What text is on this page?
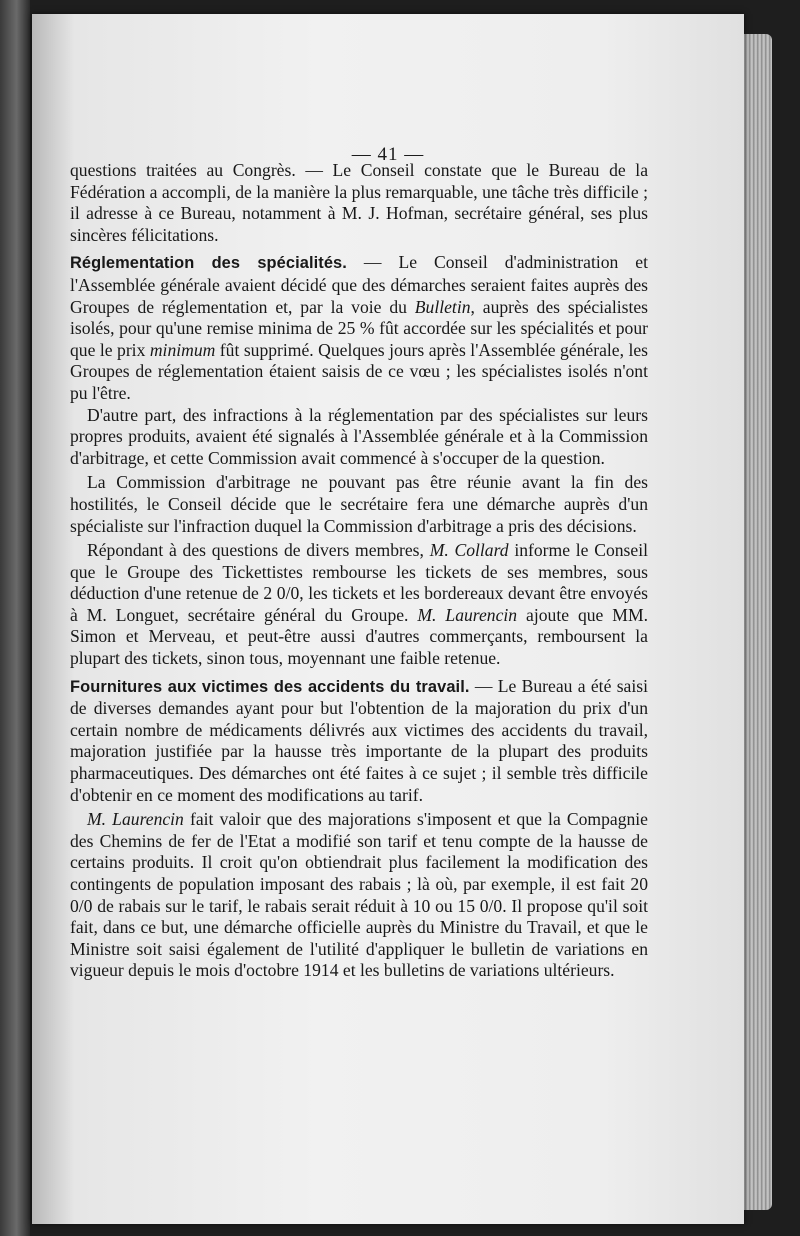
— 41 —

questions traitées au Congrès. — Le Conseil constate que le Bureau de la Fédération a accompli, de la manière la plus remarquable, une tâche très difficile ; il adresse à ce Bureau, notamment à M. J. Hofman, secrétaire général, ses plus sincères félicitations.

Réglementation des spécialités. — Le Conseil d'administration et l'Assemblée générale avaient décidé que des démarches seraient faites auprès des Groupes de réglementation et, par la voie du Bulletin, auprès des spécialistes isolés, pour qu'une remise minima de 25 % fût accordée sur les spécialités et pour que le prix minimum fût supprimé. Quelques jours après l'Assemblée générale, les Groupes de réglementation étaient saisis de ce vœu ; les spécialistes isolés n'ont pu l'être.

D'autre part, des infractions à la réglementation par des spécialistes sur leurs propres produits, avaient été signalés à l'Assemblée générale et à la Commission d'arbitrage, et cette Commission avait commencé à s'occuper de la question.

La Commission d'arbitrage ne pouvant pas être réunie avant la fin des hostilités, le Conseil décide que le secrétaire fera une démarche auprès d'un spécialiste sur l'infraction duquel la Commission d'arbitrage a pris des décisions.

Répondant à des questions de divers membres, M. Collard informe le Conseil que le Groupe des Tickettistes rembourse les tickets de ses membres, sous déduction d'une retenue de 2 0/0, les tickets et les bordereaux devant être envoyés à M. Longuet, secrétaire général du Groupe. M. Laurencin ajoute que MM. Simon et Merveau, et peut-être aussi d'autres commerçants, remboursent la plupart des tickets, sinon tous, moyennant une faible retenue.

Fournitures aux victimes des accidents du travail. — Le Bureau a été saisi de diverses demandes ayant pour but l'obtention de la majoration du prix d'un certain nombre de médicaments délivrés aux victimes des accidents du travail, majoration justifiée par la hausse très importante de la plupart des produits pharmaceutiques. Des démarches ont été faites à ce sujet ; il semble très difficile d'obtenir en ce moment des modifications au tarif.

M. Laurencin fait valoir que des majorations s'imposent et que la Compagnie des Chemins de fer de l'Etat a modifié son tarif et tenu compte de la hausse de certains produits. Il croit qu'on obtiendrait plus facilement la modification des contingents de population imposant des rabais ; là où, par exemple, il est fait 20 0/0 de rabais sur le tarif, le rabais serait réduit à 10 ou 15 0/0. Il propose qu'il soit fait, dans ce but, une démarche officielle auprès du Ministre du Travail, et que le Ministre soit saisi également de l'utilité d'appliquer le bulletin de variations en vigueur depuis le mois d'octobre 1914 et les bulletins de variations ultérieurs.
